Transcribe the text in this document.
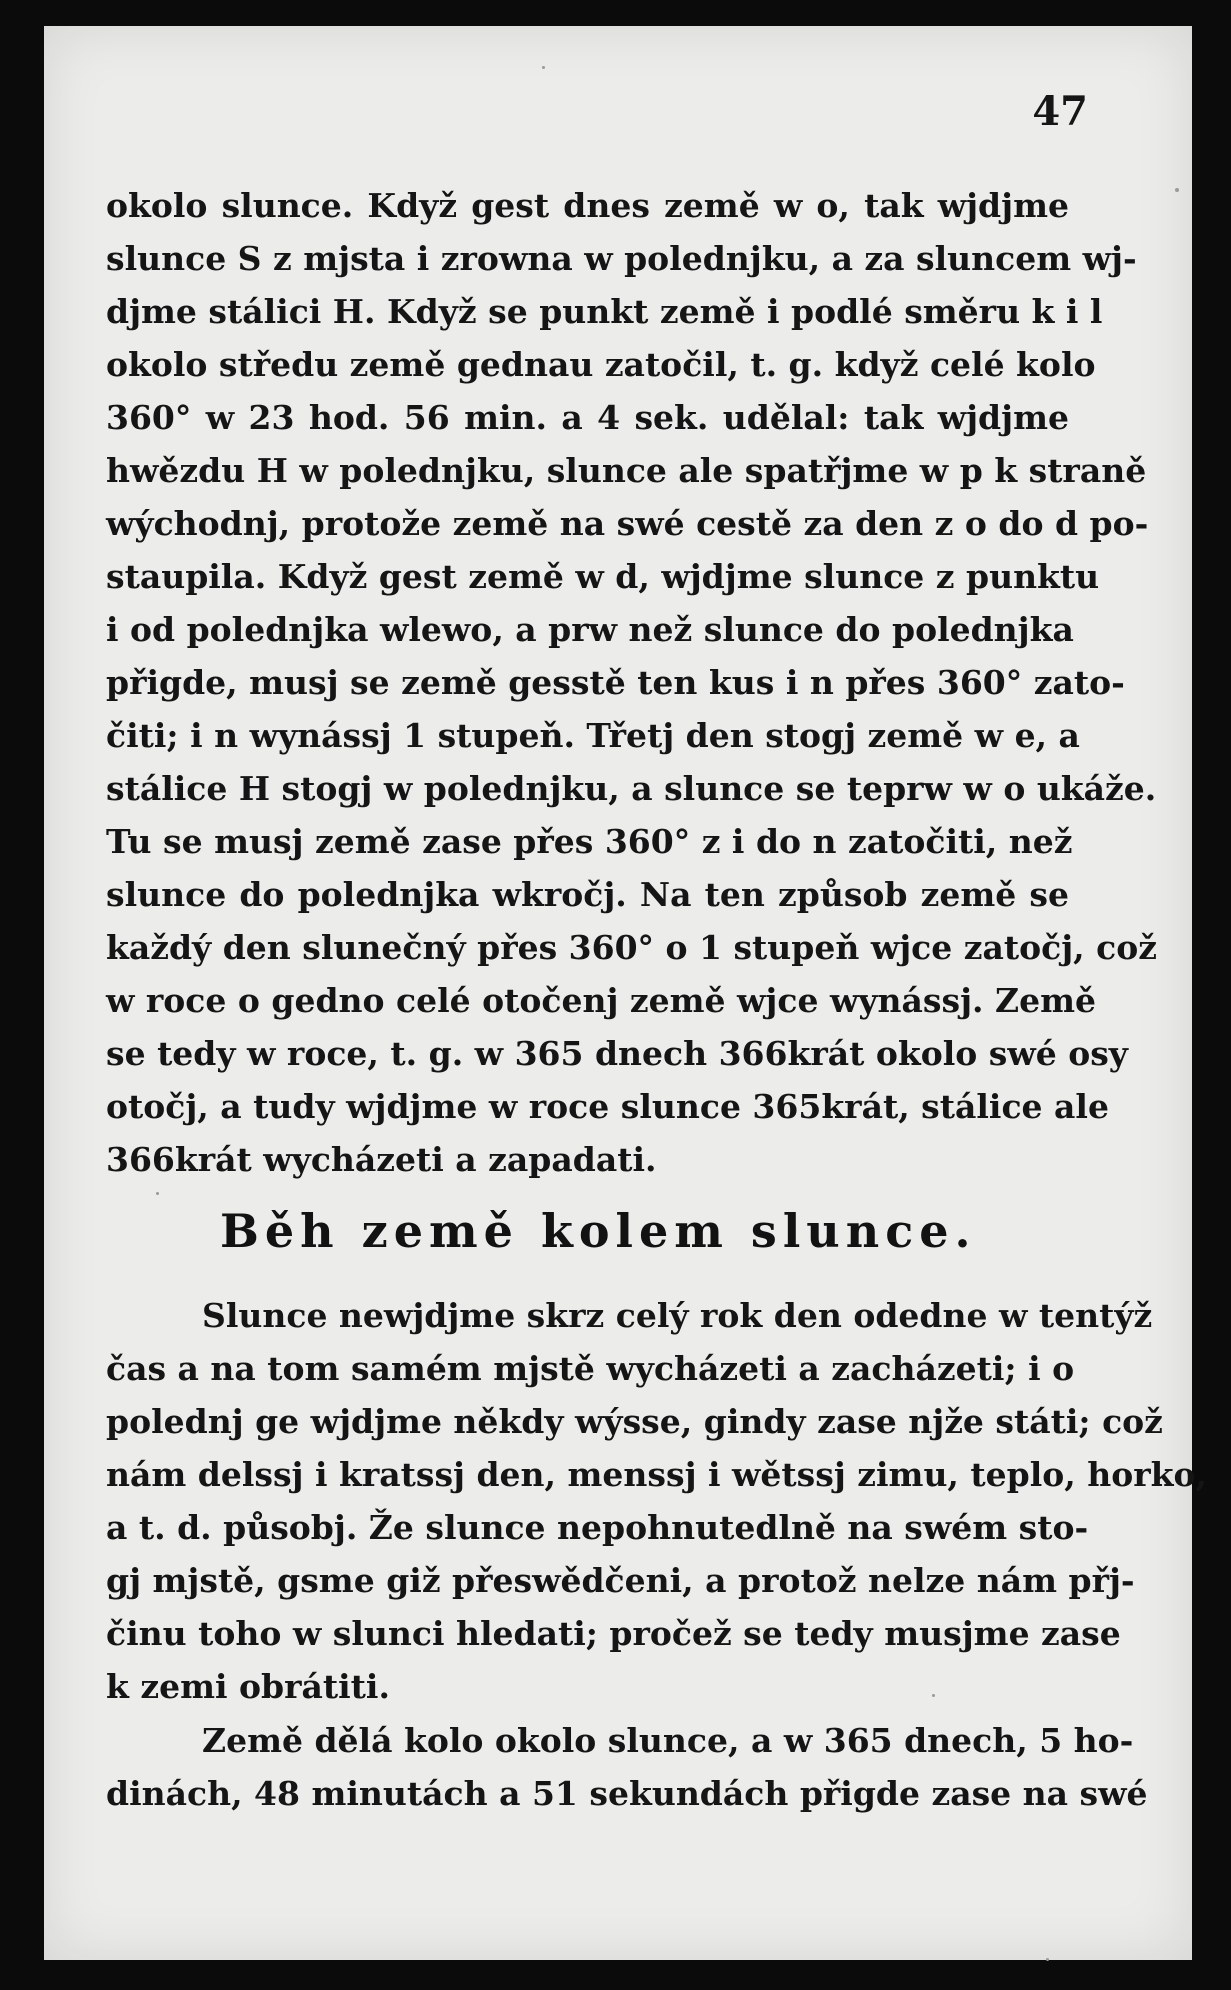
47
okolo slunce. Když gest dnes země w o, tak wjdjme
slunce S z mjsta i zrowna w polednjku, a za sluncem wj-
djme stálici H. Když se punkt země i podlé směru k i l
okolo středu země gednau zatočil, t. g. když celé kolo
360° w 23 hod. 56 min. a 4 sek. udělal: tak wjdjme
hwězdu H w polednjku, slunce ale spatřjme w p k straně
wýchodnj, protože země na swé cestě za den z o do d po-
staupila. Když gest země w d, wjdjme slunce z punktu
i od polednjka wlewo, a prw než slunce do polednjka
přigde, musj se země gesstě ten kus i n přes 360° zato-
čiti; i n wynássj 1 stupeň. Třetj den stogj země w e, a
stálice H stogj w polednjku, a slunce se teprw w o ukáže.
Tu se musj země zase přes 360° z i do n zatočiti, než
slunce do polednjka wkročj. Na ten způsob země se
každý den slunečný přes 360° o 1 stupeň wjce zatočj, což
w roce o gedno celé otočenj země wjce wynássj. Země
se tedy w roce, t. g. w 365 dnech 366krát okolo swé osy
otočj, a tudy wjdjme w roce slunce 365krát, stálice ale
366krát wycházeti a zapadati.
Běh země kolem slunce.
Slunce newjdjme skrz celý rok den odedne w tentýž
čas a na tom samém mjstě wycházeti a zacházeti; i o
polednj ge wjdjme někdy wýsse, gindy zase njže státi; což
nám delssj i kratssj den, menssj i wětssj zimu, teplo, horko,
a t. d. působj. Že slunce nepohnutedlně na swém sto-
gj mjstě, gsme giž přeswědčeni, a protož nelze nám přj-
činu toho w slunci hledati; pročež se tedy musjme zase
k zemi obrátiti.
Země dělá kolo okolo slunce, a w 365 dnech, 5 ho-
dinách, 48 minutách a 51 sekundách přigde zase na swé
